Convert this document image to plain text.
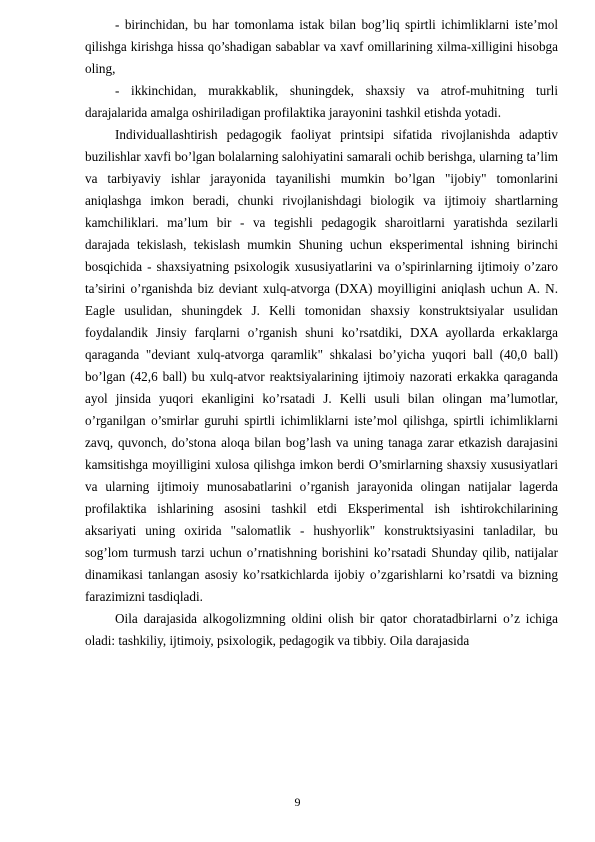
- birinchidan, bu har tomonlama istak bilan bog’liq spirtli ichimliklarni iste’mol qilishga kirishga hissa qo’shadigan sabablar va xavf omillarining xilma-xilligini hisobga oling,

- ikkinchidan, murakkablik, shuningdek, shaxsiy va atrof-muhitning turli darajalarida amalga oshiriladigan profilaktika jarayonini tashkil etishda yotadi.

Individuallashtirish pedagogik faoliyat printsipi sifatida rivojlanishda adaptiv buzilishlar xavfi bo’lgan bolalarning salohiyatini samarali ochib berishga, ularning ta’lim va tarbiyaviy ishlar jarayonida tayanilishi mumkin bo’lgan "ijobiy" tomonlarini aniqlashga imkon beradi, chunki rivojlanishdagi biologik va ijtimoiy shartlarning kamchiliklari. ma’lum bir - va tegishli pedagogik sharoitlarni yaratishda sezilarli darajada tekislash, tekislash mumkin Shuning uchun eksperimental ishning birinchi bosqichida - shaxsiyatning psixologik xususiyatlarini va o’spirinlarning ijtimoiy o’zaro ta’sirini o’rganishda biz deviant xulq-atvorga (DXA) moyilligini aniqlash uchun A. N. Eagle usulidan, shuningdek J. Kelli tomonidan shaxsiy konstruktsiyalar usulidan foydalandik Jinsiy farqlarni o’rganish shuni ko’rsatdiki, DXA ayollarda erkaklarga qaraganda "deviant xulq-atvorga qaramlik" shkalasi bo’yicha yuqori ball (40,0 ball) bo’lgan (42,6 ball) bu xulq-atvor reaktsiyalarining ijtimoiy nazorati erkakka qaraganda ayol jinsida yuqori ekanligini ko’rsatadi J. Kelli usuli bilan olingan ma’lumotlar, o’rganilgan o’smirlar guruhi spirtli ichimliklarni iste’mol qilishga, spirtli ichimliklarni zavq, quvonch, do’stona aloqa bilan bog’lash va uning tanaga zarar etkazish darajasini kamsitishga moyilligini xulosa qilishga imkon berdi O’smirlarning shaxsiy xususiyatlari va ularning ijtimoiy munosabatlarini o’rganish jarayonida olingan natijalar lagerda profilaktika ishlarining asosini tashkil etdi Eksperimental ish ishtirokchilarining aksariyati uning oxirida "salomatlik - hushyorlik" konstruktsiyasini tanladilar, bu sog’lom turmush tarzi uchun o’rnatishning borishini ko’rsatadi Shunday qilib, natijalar dinamikasi tanlangan asosiy ko’rsatkichlarda ijobiy o’zgarishlarni ko’rsatdi va bizning farazimizni tasdiqladi.

Oila darajasida alkogolizmning oldini olish bir qator choratadbirlarni o’z ichiga oladi: tashkiliy, ijtimoiy, psixologik, pedagogik va tibbiy. Oila darajasida

9
